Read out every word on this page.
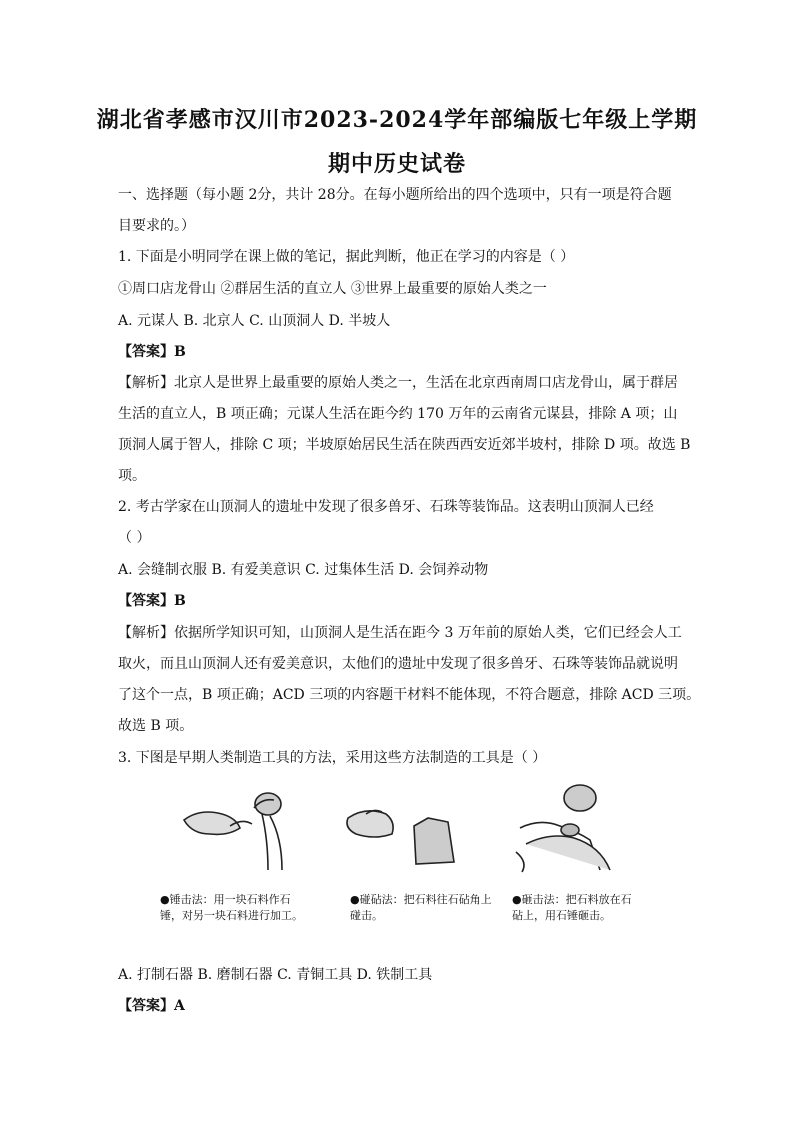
湖北省孝感市汉川市2023-2024学年部编版七年级上学期
期中历史试卷
一、选择题（每小题 2分，共计 28分。在每小题所给出的四个选项中，只有一项是符合题
目要求的。）
1. 下面是小明同学在课上做的笔记，据此判断，他正在学习的内容是（ ）
①周口店龙骨山 ②群居生活的直立人 ③世界上最重要的原始人类之一
A. 元谋人 B. 北京人 C. 山顶洞人 D. 半坡人
【答案】B
【解析】北京人是世界上最重要的原始人类之一，生活在北京西南周口店龙骨山，属于群居
生活的直立人，B 项正确；元谋人生活在距今约 170 万年的云南省元谋县，排除 A 项；山
顶洞人属于智人，排除 C 项；半坡原始居民生活在陕西西安近郊半坡村，排除 D 项。故选 B
项。
2. 考古学家在山顶洞人的遗址中发现了很多兽牙、石珠等装饰品。这表明山顶洞人已经
（ ）
A. 会缝制衣服 B. 有爱美意识 C. 过集体生活 D. 会饲养动物
【答案】B
【解析】依据所学知识可知，山顶洞人是生活在距今 3 万年前的原始人类，它们已经会人工
取火，而且山顶洞人还有爱美意识，太他们的遗址中发现了很多兽牙、石珠等装饰品就说明
了这个一点，B 项正确；ACD 三项的内容题干材料不能体现，不符合题意，排除 ACD 三项。
故选 B 项。
3. 下图是早期人类制造工具的方法，采用这些方法制造的工具是（ ）
●锤击法：用一块石料作石锤，对另一块石料进行加工。
●碰砧法：把石料往石砧角上碰击。
●砸击法：把石料放在石砧上，用石锤砸击。
A. 打制石器 B. 磨制石器 C. 青铜工具 D. 铁制工具
【答案】A
